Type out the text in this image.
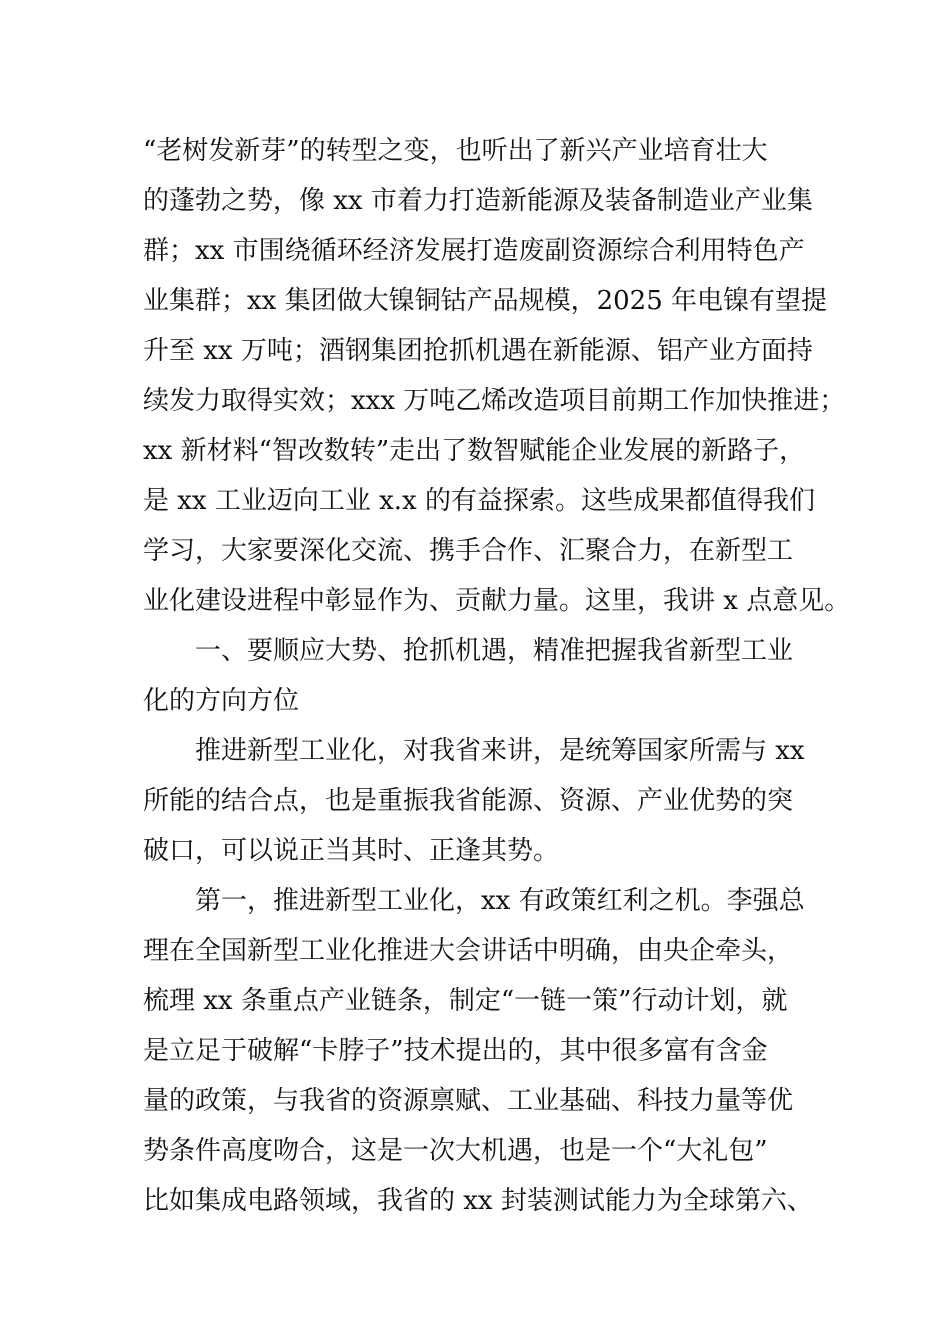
“老树发新芽”的转型之变，也听出了新兴产业培育壮大
的蓬勃之势，像 xx 市着力打造新能源及装备制造业产业集
群；xx 市围绕循环经济发展打造废副资源综合利用特色产
业集群；xx 集团做大镍铜钴产品规模，2025 年电镍有望提
升至 xx 万吨；酒钢集团抢抓机遇在新能源、铝产业方面持
续发力取得实效；xxx 万吨乙烯改造项目前期工作加快推进；
xx 新材料“智改数转”走出了数智赋能企业发展的新路子，
是 xx 工业迈向工业 x.x 的有益探索。这些成果都值得我们
学习，大家要深化交流、携手合作、汇聚合力，在新型工
业化建设进程中彰显作为、贡献力量。这里，我讲 x 点意见。
一、要顺应大势、抢抓机遇，精准把握我省新型工业
化的方向方位
推进新型工业化，对我省来讲，是统筹国家所需与 xx
所能的结合点，也是重振我省能源、资源、产业优势的突
破口，可以说正当其时、正逢其势。
第一，推进新型工业化，xx 有政策红利之机。李强总
理在全国新型工业化推进大会讲话中明确，由央企牵头，
梳理 xx 条重点产业链条，制定“一链一策”行动计划，就
是立足于破解“卡脖子”技术提出的，其中很多富有含金
量的政策，与我省的资源禀赋、工业基础、科技力量等优
势条件高度吻合，这是一次大机遇，也是一个“大礼包”
比如集成电路领域，我省的 xx 封装测试能力为全球第六、
